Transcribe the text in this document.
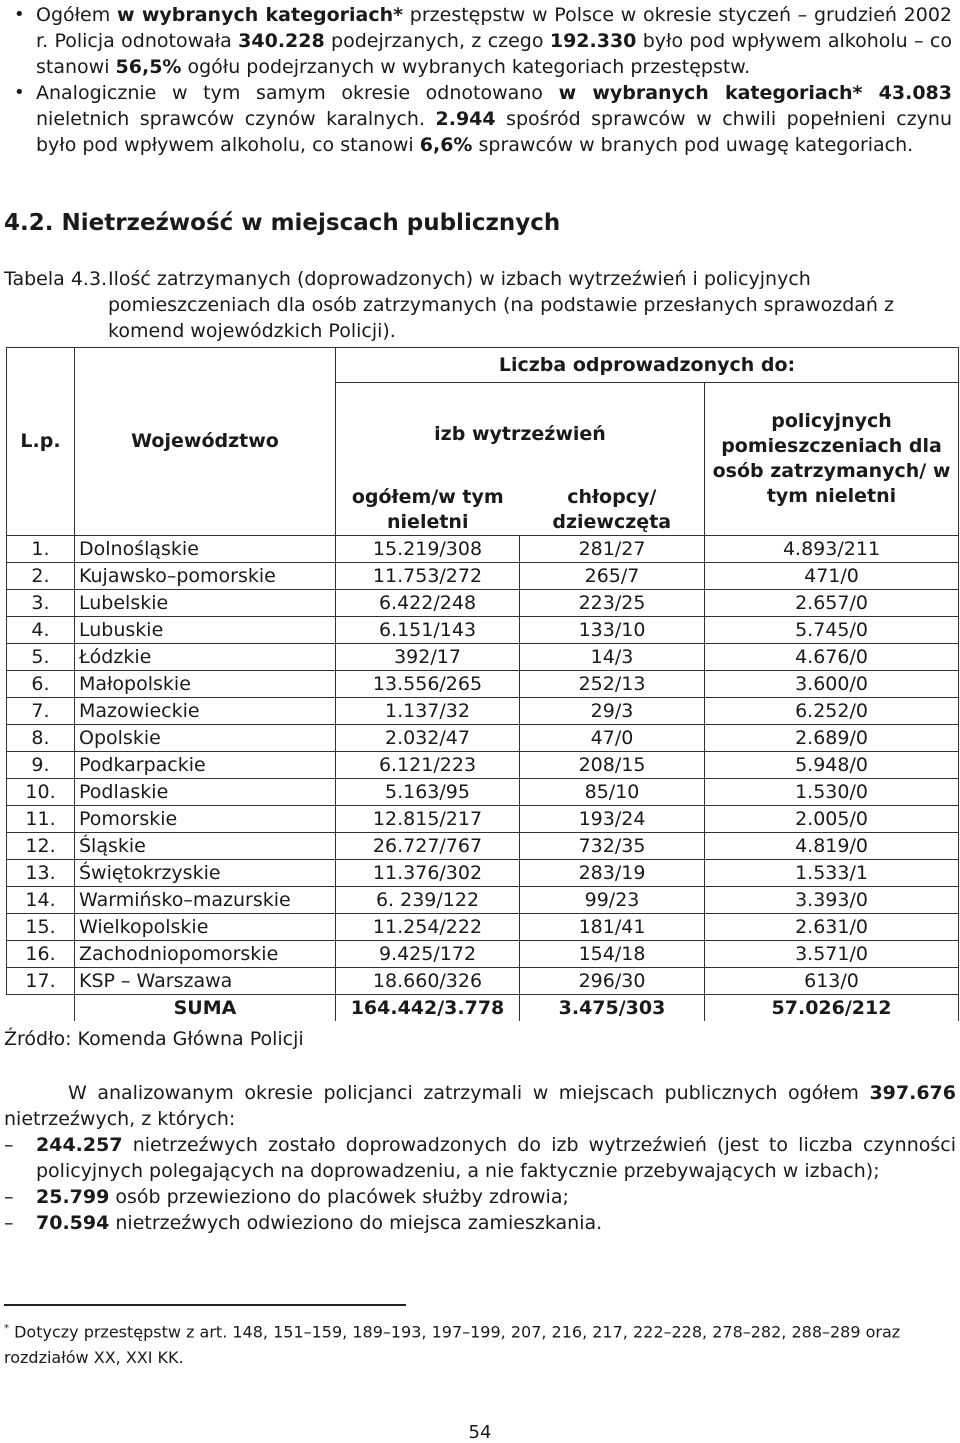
• Ogółem w wybranych kategoriach* przestępstw w Polsce w okresie styczeń – grudzień 2002 r. Policja odnotowała 340.228 podejrzanych, z czego 192.330 było pod wpływem alkoholu – co stanowi 56,5% ogółu podejrzanych w wybranych kategoriach przestępstw.
• Analogicznie w tym samym okresie odnotowano w wybranych kategoriach* 43.083 nieletnich sprawców czynów karalnych. 2.944 spośród sprawców w chwili popełnieni czynu było pod wpływem alkoholu, co stanowi 6,6% sprawców w branych pod uwagę kategoriach.
4.2. Nietrzeźwość w miejscach publicznych
Tabela 4.3. Ilość zatrzymanych (doprowadzonych) w izbach wytrzeźwień i policyjnych pomieszczeniach dla osób zatrzymanych (na podstawie przesłanych sprawozdań z komend wojewódzkich Policji).
L.p.	Województwo	Liczba odprowadzonych do:		
		izb wytrzeźwień		policyjnych pomieszczeniach dla osób zatrzymanych/ w tym nieletni
		ogółem/w tym nieletni	chłopcy/ dziewczęta	
1.	Dolnośląskie	15.219/308	281/27	4.893/211
2.	Kujawsko–pomorskie	11.753/272	265/7	471/0
3.	Lubelskie	6.422/248	223/25	2.657/0
4.	Lubuskie	6.151/143	133/10	5.745/0
5.	Łódzkie	392/17	14/3	4.676/0
6.	Małopolskie	13.556/265	252/13	3.600/0
7.	Mazowieckie	1.137/32	29/3	6.252/0
8.	Opolskie	2.032/47	47/0	2.689/0
9.	Podkarpackie	6.121/223	208/15	5.948/0
10.	Podlaskie	5.163/95	85/10	1.530/0
11.	Pomorskie	12.815/217	193/24	2.005/0
12.	Śląskie	26.727/767	732/35	4.819/0
13.	Świętokrzyskie	11.376/302	283/19	1.533/1
14.	Warmińsko–mazurskie	6. 239/122	99/23	3.393/0
15.	Wielkopolskie	11.254/222	181/41	2.631/0
16.	Zachodniopomorskie	9.425/172	154/18	3.571/0
17.	KSP – Warszawa	18.660/326	296/30	613/0
	SUMA	164.442/3.778	3.475/303	57.026/212
Źródło: Komenda Główna Policji
W analizowanym okresie policjanci zatrzymali w miejscach publicznych ogółem 397.676 nietrzeźwych, z których:
– 244.257 nietrzeźwych zostało doprowadzonych do izb wytrzeźwień (jest to liczba czynności policyjnych polegających na doprowadzeniu, a nie faktycznie przebywających w izbach);
– 25.799 osób przewieziono do placówek służby zdrowia;
– 70.594 nietrzeźwych odwieziono do miejsca zamieszkania.
* Dotyczy przestępstw z art. 148, 151–159, 189–193, 197–199, 207, 216, 217, 222–228, 278–282, 288–289 oraz rozdziałów XX, XXI KK.
54
